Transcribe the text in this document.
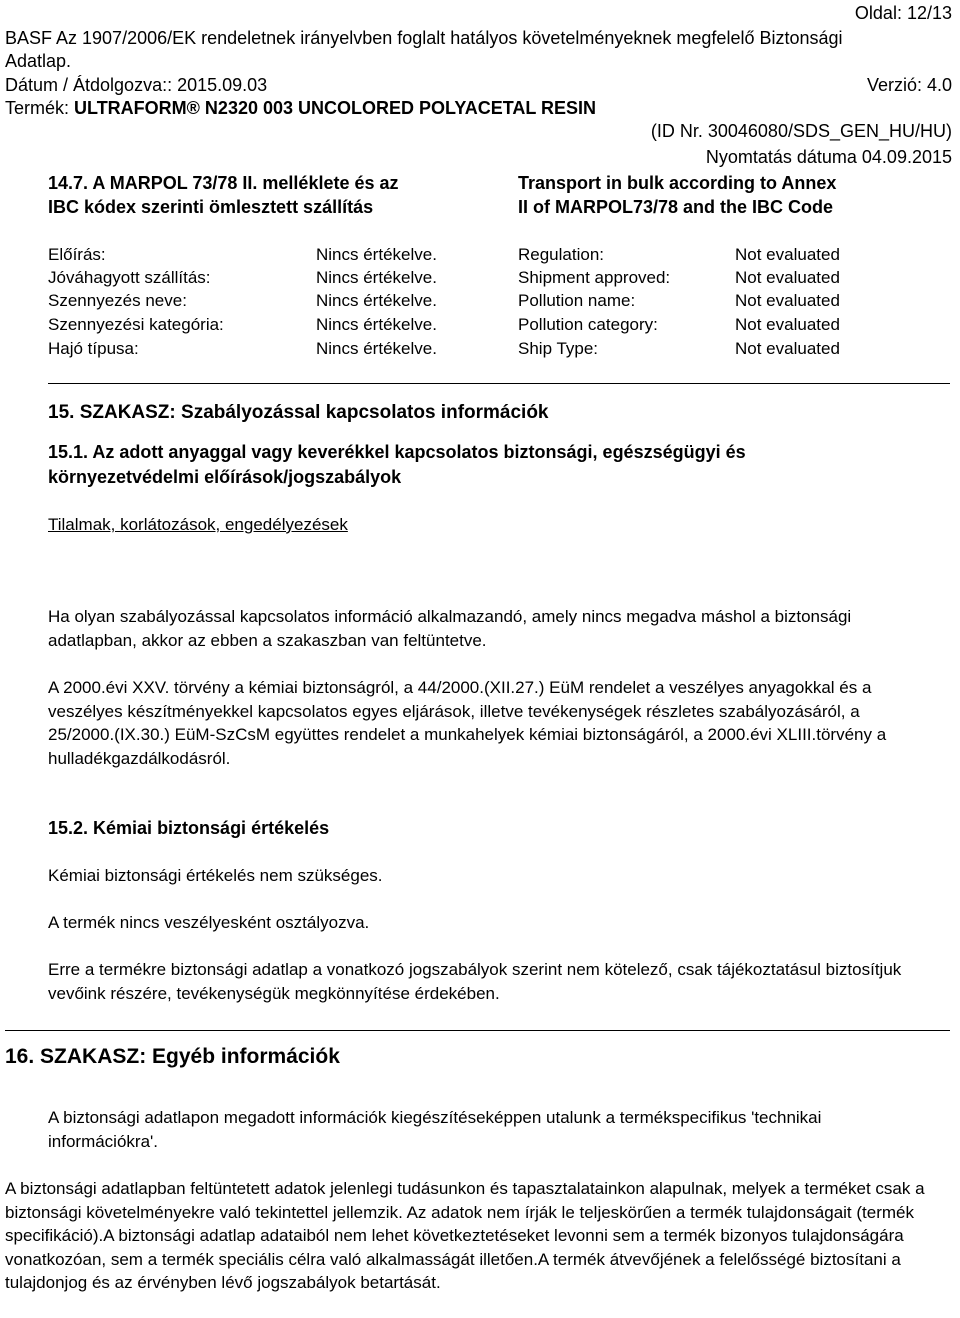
Oldal: 12/13
BASF Az 1907/2006/EK rendeletnek irányelvben foglalt hatályos követelményeknek megfelelő Biztonsági
Adatlap.
Dátum / Átdolgozva:: 2015.09.03	Verzió: 4.0
Termék: ULTRAFORM® N2320 003 UNCOLORED POLYACETAL RESIN
(ID Nr. 30046080/SDS_GEN_HU/HU)
Nyomtatás dátuma 04.09.2015
14.7. A MARPOL 73/78 II. melléklete és az
IBC kódex szerinti ömlesztett szállítás
Transport in bulk according to Annex
II of MARPOL73/78 and the IBC Code
Előírás:	Nincs értékelve.	Regulation:	Not evaluated
Jóváhagyott szállítás:	Nincs értékelve.	Shipment approved:	Not evaluated
Szennyezés neve:	Nincs értékelve.	Pollution name:	Not evaluated
Szennyezési kategória:	Nincs értékelve.	Pollution category:	Not evaluated
Hajó típusa:	Nincs értékelve.	Ship Type:	Not evaluated
15. SZAKASZ: Szabályozással kapcsolatos információk
15.1. Az adott anyaggal vagy keverékkel kapcsolatos biztonsági, egészségügyi és
környezetvédelmi előírások/jogszabályok
Tilalmak, korlátozások, engedélyezések
Ha olyan szabályozással kapcsolatos információ alkalmazandó, amely nincs megadva máshol a biztonsági adatlapban, akkor az ebben a szakaszban van feltüntetve.
A 2000.évi XXV. törvény a kémiai biztonságról, a 44/2000.(XII.27.) EüM rendelet a veszélyes anyagokkal és a veszélyes készítményekkel kapcsolatos egyes eljárások, illetve tevékenységek részletes szabályozásáról, a 25/2000.(IX.30.) EüM-SzCsM együttes rendelet a munkahelyek kémiai biztonságáról, a 2000.évi XLIII.törvény a hulladékgazdálkodásról.
15.2. Kémiai biztonsági értékelés
Kémiai biztonsági értékelés nem szükséges.
A termék nincs veszélyesként osztályozva.
Erre a termékre biztonsági adatlap a vonatkozó jogszabályok szerint nem kötelező, csak tájékoztatásul biztosítjuk vevőink részére, tevékenységük megkönnyítése érdekében.
16. SZAKASZ: Egyéb információk
A biztonsági adatlapon megadott információk kiegészítéseképpen utalunk a termékspecifikus 'technikai információkra'.
A biztonsági adatlapban feltüntetett adatok jelenlegi tudásunkon és tapasztalatainkon alapulnak, melyek a terméket csak a biztonsági követelményekre való tekintettel jellemzik. Az adatok nem írják le teljeskörűen a termék tulajdonságait (termék specifikáció).A biztonsági adatlap adataiból nem lehet következtetéseket levonni sem a termék bizonyos tulajdonságára vonatkozóan, sem a termék speciális célra való alkalmasságát illetően.A termék átvevőjének a felelősségé biztosítani a tulajdonjog és az érvényben lévő jogszabályok betartását.
